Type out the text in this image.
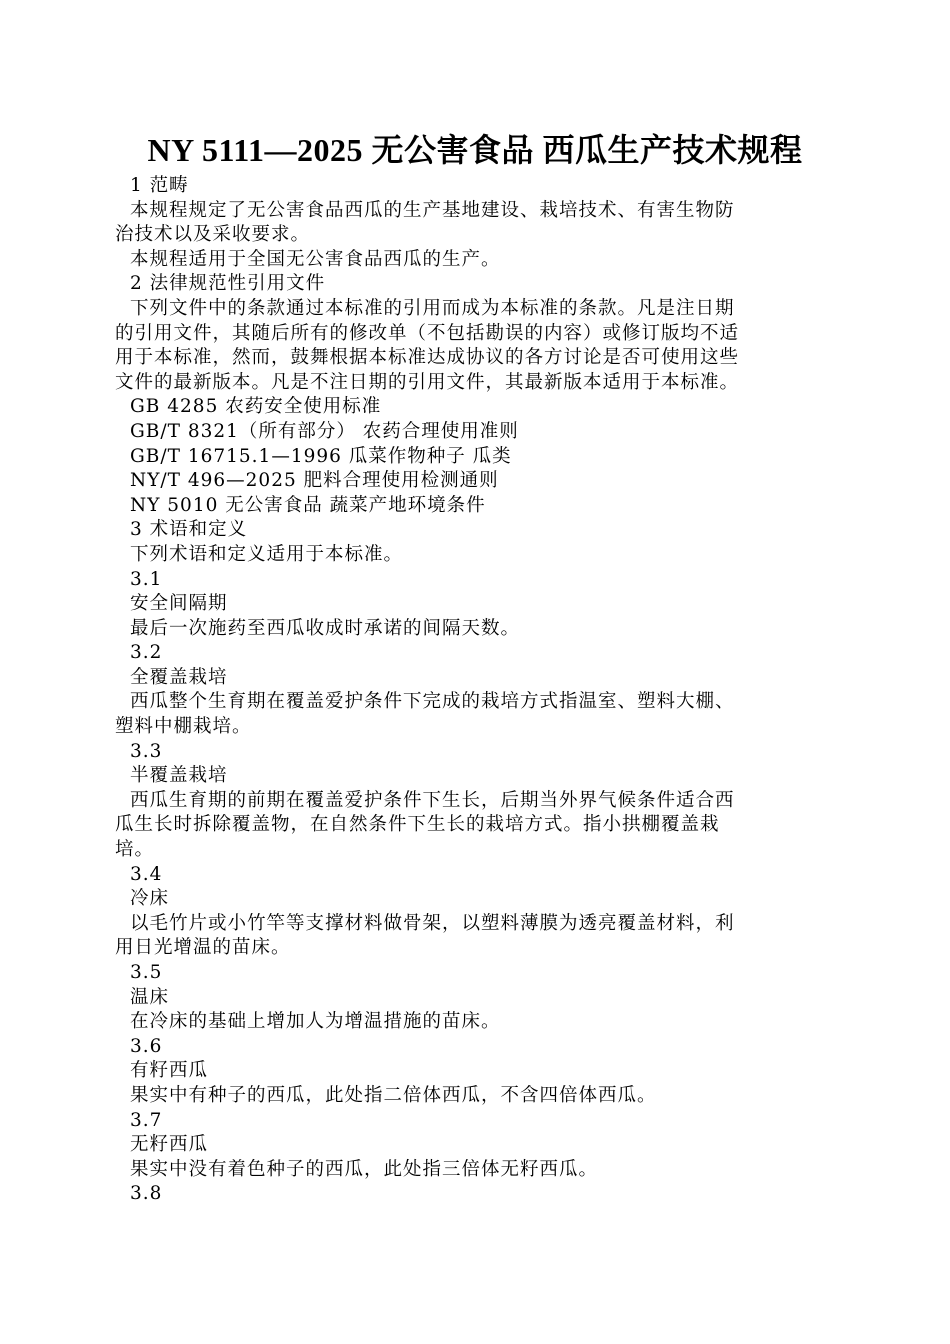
NY 5111—2025 无公害食品 西瓜生产技术规程
1 范畴
本规程规定了无公害食品西瓜的生产基地建设、栽培技术、有害生物防
治技术以及采收要求。
本规程适用于全国无公害食品西瓜的生产。
2 法律规范性引用文件
下列文件中的条款通过本标准的引用而成为本标准的条款。凡是注日期
的引用文件，其随后所有的修改单（不包括勘误的内容）或修订版均不适
用于本标准，然而，鼓舞根据本标准达成协议的各方讨论是否可使用这些
文件的最新版本。凡是不注日期的引用文件，其最新版本适用于本标准。
GB 4285 农药安全使用标准
GB/T 8321（所有部分） 农药合理使用准则
GB/T 16715.1—1996 瓜菜作物种子 瓜类
NY/T 496—2025 肥料合理使用检测通则
NY 5010 无公害食品 蔬菜产地环境条件
3 术语和定义
下列术语和定义适用于本标准。
3.1
安全间隔期
最后一次施药至西瓜收成时承诺的间隔天数。
3.2
全覆盖栽培
西瓜整个生育期在覆盖爱护条件下完成的栽培方式指温室、塑料大棚、
塑料中棚栽培。
3.3
半覆盖栽培
西瓜生育期的前期在覆盖爱护条件下生长，后期当外界气候条件适合西
瓜生长时拆除覆盖物，在自然条件下生长的栽培方式。指小拱棚覆盖栽
培。
3.4
冷床
以毛竹片或小竹竿等支撑材料做骨架，以塑料薄膜为透亮覆盖材料，利
用日光增温的苗床。
3.5
温床
在冷床的基础上增加人为增温措施的苗床。
3.6
有籽西瓜
果实中有种子的西瓜，此处指二倍体西瓜，不含四倍体西瓜。
3.7
无籽西瓜
果实中没有着色种子的西瓜，此处指三倍体无籽西瓜。
3.8
